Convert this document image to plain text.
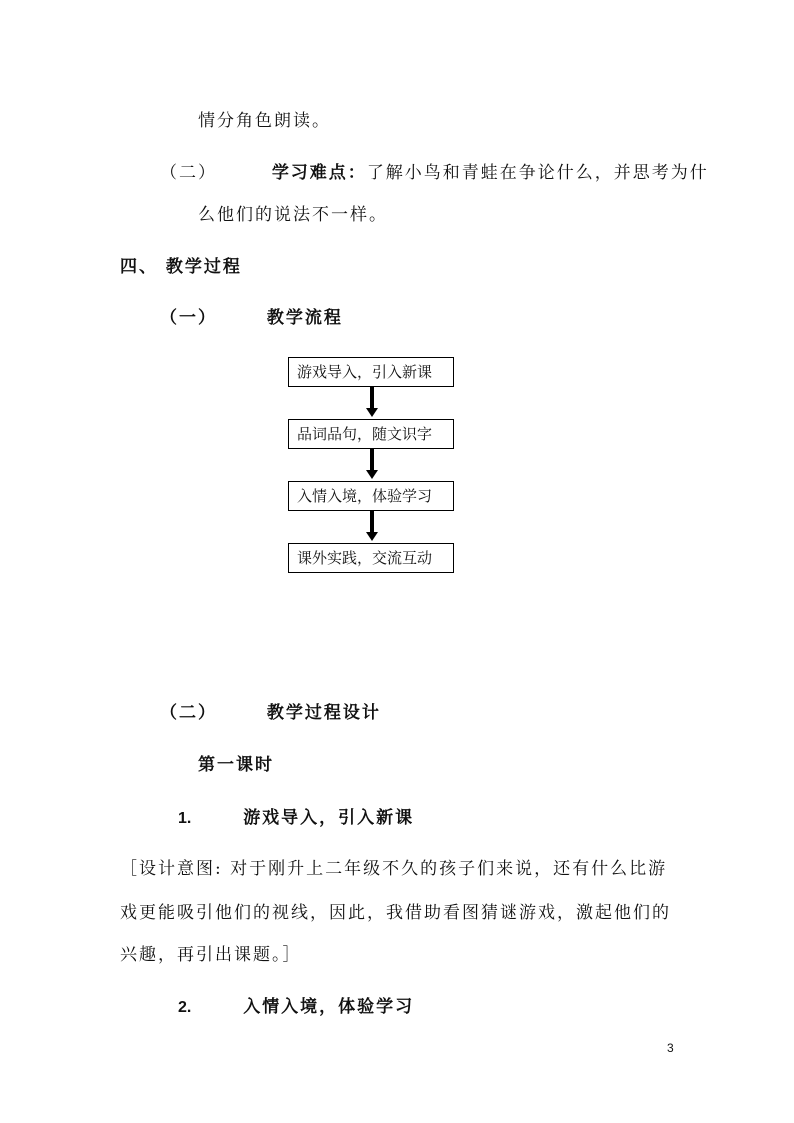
情分角色朗读。
（二）	学习难点：了解小鸟和青蛙在争论什么，并思考为什
么他们的说法不一样。
四、 教学过程
（一）	教学流程
游戏导入，引入新课
品词品句，随文识字
入情入境，体验学习
课外实践，交流互动
（二）	教学过程设计
第一课时
1.	游戏导入，引入新课
［设计意图: 对于刚升上二年级不久的孩子们来说，还有什么比游
戏更能吸引他们的视线，因此，我借助看图猜谜游戏，激起他们的
兴趣，再引出课题。］
2.	入情入境，体验学习
3
